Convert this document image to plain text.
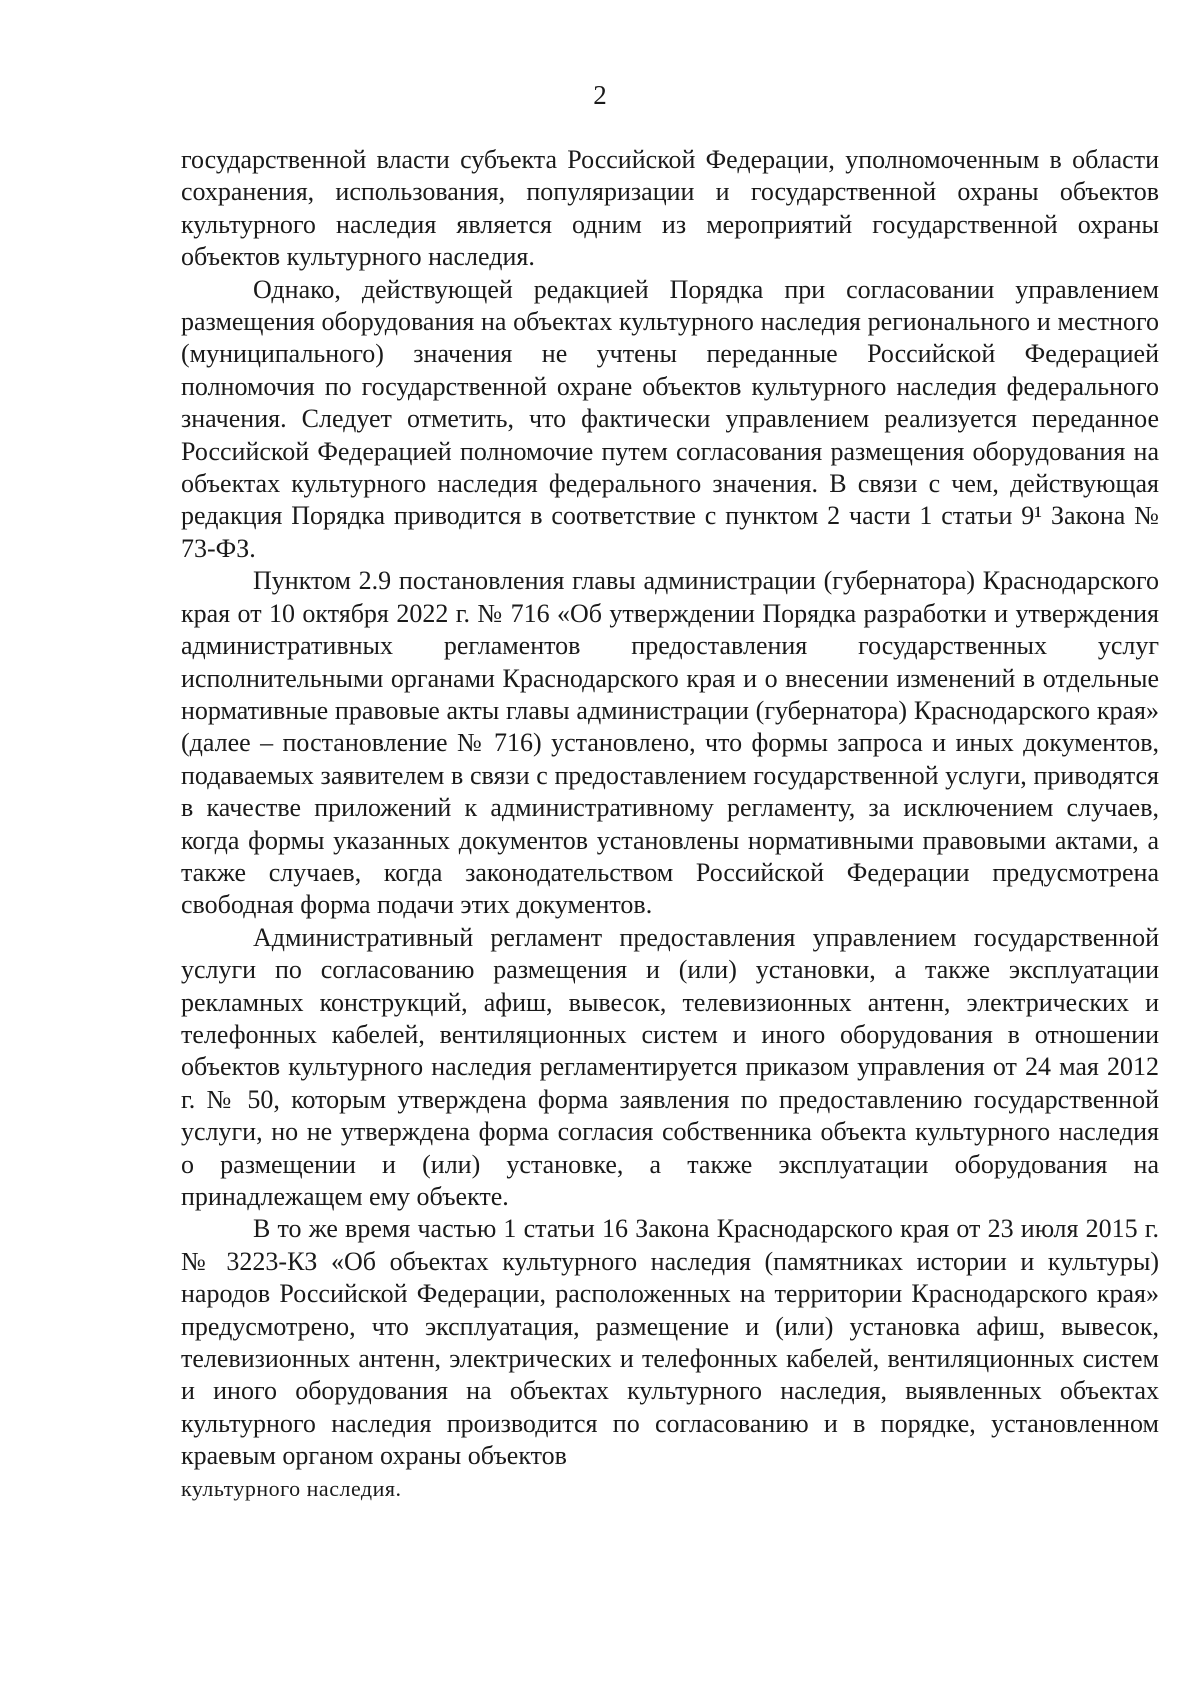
2

государственной власти субъекта Российской Федерации, уполномоченным в области сохранения, использования, популяризации и государственной охраны объектов культурного наследия является одним из мероприятий государственной охраны объектов культурного наследия.

Однако, действующей редакцией Порядка при согласовании управлением размещения оборудования на объектах культурного наследия регионального и местного (муниципального) значения не учтены переданные Российской Федерацией полномочия по государственной охране объектов культурного наследия федерального значения. Следует отметить, что фактически управлением реализуется переданное Российской Федерацией полномочие путем согласования размещения оборудования на объектах культурного наследия федерального значения. В связи с чем, действующая редакция Порядка приводится в соответствие с пунктом 2 части 1 статьи 9¹ Закона № 73-ФЗ.

Пунктом 2.9 постановления главы администрации (губернатора) Краснодарского края от 10 октября 2022 г. № 716 «Об утверждении Порядка разработки и утверждения административных регламентов предоставления государственных услуг исполнительными органами Краснодарского края и о внесении изменений в отдельные нормативные правовые акты главы администрации (губернатора) Краснодарского края» (далее – постановление № 716) установлено, что формы запроса и иных документов, подаваемых заявителем в связи с предоставлением государственной услуги, приводятся в качестве приложений к административному регламенту, за исключением случаев, когда формы указанных документов установлены нормативными правовыми актами, а также случаев, когда законодательством Российской Федерации предусмотрена свободная форма подачи этих документов.

Административный регламент предоставления управлением государственной услуги по согласованию размещения и (или) установки, а также эксплуатации рекламных конструкций, афиш, вывесок, телевизионных антенн, электрических и телефонных кабелей, вентиляционных систем и иного оборудования в отношении объектов культурного наследия регламентируется приказом управления от 24 мая 2012 г. № 50, которым утверждена форма заявления по предоставлению государственной услуги, но не утверждена форма согласия собственника объекта культурного наследия о размещении и (или) установке, а также эксплуатации оборудования на принадлежащем ему объекте.

В то же время частью 1 статьи 16 Закона Краснодарского края от 23 июля 2015 г. № 3223-КЗ «Об объектах культурного наследия (памятниках истории и культуры) народов Российской Федерации, расположенных на территории Краснодарского края» предусмотрено, что эксплуатация, размещение и (или) установка афиш, вывесок, телевизионных антенн, электрических и телефонных кабелей, вентиляционных систем и иного оборудования на объектах культурного наследия, выявленных объектах культурного наследия производится по согласованию и в порядке, установленном краевым органом охраны объектов

культурного наследия.
